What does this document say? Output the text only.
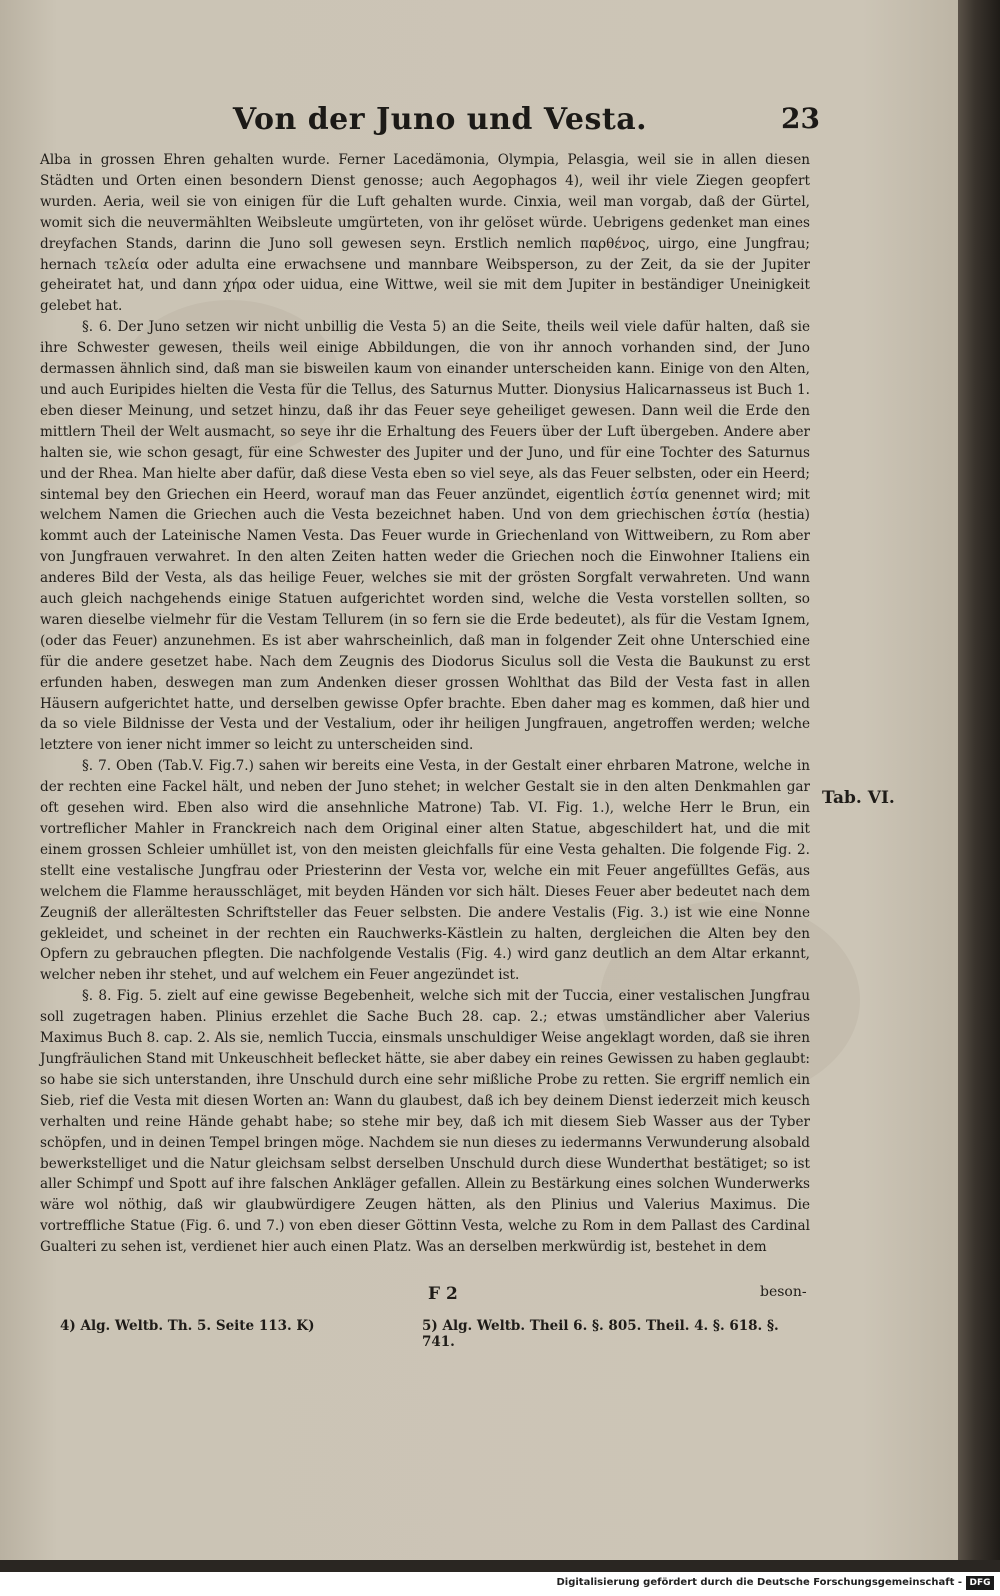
Von der Juno und Vesta.	23

Alba in grossen Ehren gehalten wurde. Ferner Lacedämonia, Olympia, Pelasgia, weil sie in allen diesen Städten und Orten einen besondern Dienst genosse; auch Aegophagos 4), weil ihr viele Ziegen geopfert wurden. Aeria, weil sie von einigen für die Luft gehalten wurde. Cinxia, weil man vorgab, daß der Gürtel, womit sich die neuvermählten Weibsleute umgürteten, von ihr gelöset würde. Uebrigens gedenket man eines dreyfachen Stands, darinn die Juno soll gewesen seyn. Erstlich nemlich παρθένος, uirgo, eine Jungfrau; hernach τελεία oder adulta eine erwachsene und mannbare Weibsperson, zu der Zeit, da sie der Jupiter geheiratet hat, und dann χήρα oder uidua, eine Wittwe, weil sie mit dem Jupiter in beständiger Uneinigkeit gelebet hat.

§. 6. Der Juno setzen wir nicht unbillig die Vesta 5) an die Seite, theils weil viele dafür halten, daß sie ihre Schwester gewesen, theils weil einige Abbildungen, die von ihr annoch vorhanden sind, der Juno dermassen ähnlich sind, daß man sie bisweilen kaum von einander unterscheiden kann. Einige von den Alten, und auch Euripides hielten die Vesta für die Tellus, des Saturnus Mutter. Dionysius Halicarnasseus ist Buch 1. eben dieser Meinung, und setzet hinzu, daß ihr das Feuer seye geheiliget gewesen. Dann weil die Erde den mittlern Theil der Welt ausmacht, so seye ihr die Erhaltung des Feuers über der Luft übergeben. Andere aber halten sie, wie schon gesagt, für eine Schwester des Jupiter und der Juno, und für eine Tochter des Saturnus und der Rhea. Man hielte aber dafür, daß diese Vesta eben so viel seye, als das Feuer selbsten, oder ein Heerd; sintemal bey den Griechen ein Heerd, worauf man das Feuer anzündet, eigentlich ἑστία genennet wird; mit welchem Namen die Griechen auch die Vesta bezeichnet haben. Und von dem griechischen ἑστία (hestia) kommt auch der Lateinische Namen Vesta. Das Feuer wurde in Griechenland von Wittweibern, zu Rom aber von Jungfrauen verwahret. In den alten Zeiten hatten weder die Griechen noch die Einwohner Italiens ein anderes Bild der Vesta, als das heilige Feuer, welches sie mit der grösten Sorgfalt verwahreten. Und wann auch gleich nachgehends einige Statuen aufgerichtet worden sind, welche die Vesta vorstellen sollten, so waren dieselbe vielmehr für die Vestam Tellurem (in so fern sie die Erde bedeutet), als für die Vestam Ignem, (oder das Feuer) anzunehmen. Es ist aber wahrscheinlich, daß man in folgender Zeit ohne Unterschied eine für die andere gesetzet habe. Nach dem Zeugnis des Diodorus Siculus soll die Vesta die Baukunst zu erst erfunden haben, deswegen man zum Andenken dieser grossen Wohlthat das Bild der Vesta fast in allen Häusern aufgerichtet hatte, und derselben gewisse Opfer brachte. Eben daher mag es kommen, daß hier und da so viele Bildnisse der Vesta und der Vestalium, oder ihr heiligen Jungfrauen, angetroffen werden; welche letztere von iener nicht immer so leicht zu unterscheiden sind.

§. 7. Oben (Tab.V. Fig.7.) sahen wir bereits eine Vesta, in der Gestalt einer ehrbaren Matrone, welche in der rechten eine Fackel hält, und neben der Juno stehet; in welcher Gestalt sie in den alten Denkmahlen gar oft gesehen wird. Eben also wird die ansehnliche Matrone) Tab. VI. Fig. 1.), welche Herr le Brun, ein vortreflicher Mahler in Franckreich nach dem Original einer alten Statue, abgeschildert hat, und die mit einem grossen Schleier umhüllet ist, von den meisten gleichfalls für eine Vesta gehalten. Die folgende Fig. 2. stellt eine vestalische Jungfrau oder Priesterinn der Vesta vor, welche ein mit Feuer angefülltes Gefäs, aus welchem die Flamme herausschläget, mit beyden Händen vor sich hält. Dieses Feuer aber bedeutet nach dem Zeugniß der allerältesten Schriftsteller das Feuer selbsten. Die andere Vestalis (Fig. 3.) ist wie eine Nonne gekleidet, und scheinet in der rechten ein Rauchwerks-Kästlein zu halten, dergleichen die Alten bey den Opfern zu gebrauchen pflegten. Die nachfolgende Vestalis (Fig. 4.) wird ganz deutlich an dem Altar erkannt, welcher neben ihr stehet, und auf welchem ein Feuer angezündet ist.

§. 8. Fig. 5. zielt auf eine gewisse Begebenheit, welche sich mit der Tuccia, einer vestalischen Jungfrau soll zugetragen haben. Plinius erzehlet die Sache Buch 28. cap. 2.; etwas umständlicher aber Valerius Maximus Buch 8. cap. 2. Als sie, nemlich Tuccia, einsmals unschuldiger Weise angeklagt worden, daß sie ihren Jungfräulichen Stand mit Unkeuschheit beflecket hätte, sie aber dabey ein reines Gewissen zu haben geglaubt: so habe sie sich unterstanden, ihre Unschuld durch eine sehr mißliche Probe zu retten. Sie ergriff nemlich ein Sieb, rief die Vesta mit diesen Worten an: Wann du glaubest, daß ich bey deinem Dienst iederzeit mich keusch verhalten und reine Hände gehabt habe; so stehe mir bey, daß ich mit diesem Sieb Wasser aus der Tyber schöpfen, und in deinen Tempel bringen möge. Nachdem sie nun dieses zu iedermanns Verwunderung alsobald bewerkstelliget und die Natur gleichsam selbst derselben Unschuld durch diese Wunderthat bestätiget; so ist aller Schimpf und Spott auf ihre falschen Ankläger gefallen. Allein zu Bestärkung eines solchen Wunderwerks wäre wol nöthig, daß wir glaubwürdigere Zeugen hätten, als den Plinius und Valerius Maximus. Die vortreffliche Statue (Fig. 6. und 7.) von eben dieser Göttinn Vesta, welche zu Rom in dem Pallast des Cardinal Gualteri zu sehen ist, verdienet hier auch einen Platz. Was an derselben merkwürdig ist, bestehet in dem

Tab. VI.
F 2	beson-
4) Alg. Weltb. Th. 5. Seite 113. K)	5) Alg. Weltb. Theil 6. §. 805. Theil. 4. §. 618. §. 741.
Digitalisierung gefördert durch die Deutsche Forschungsgemeinschaft - DFG
